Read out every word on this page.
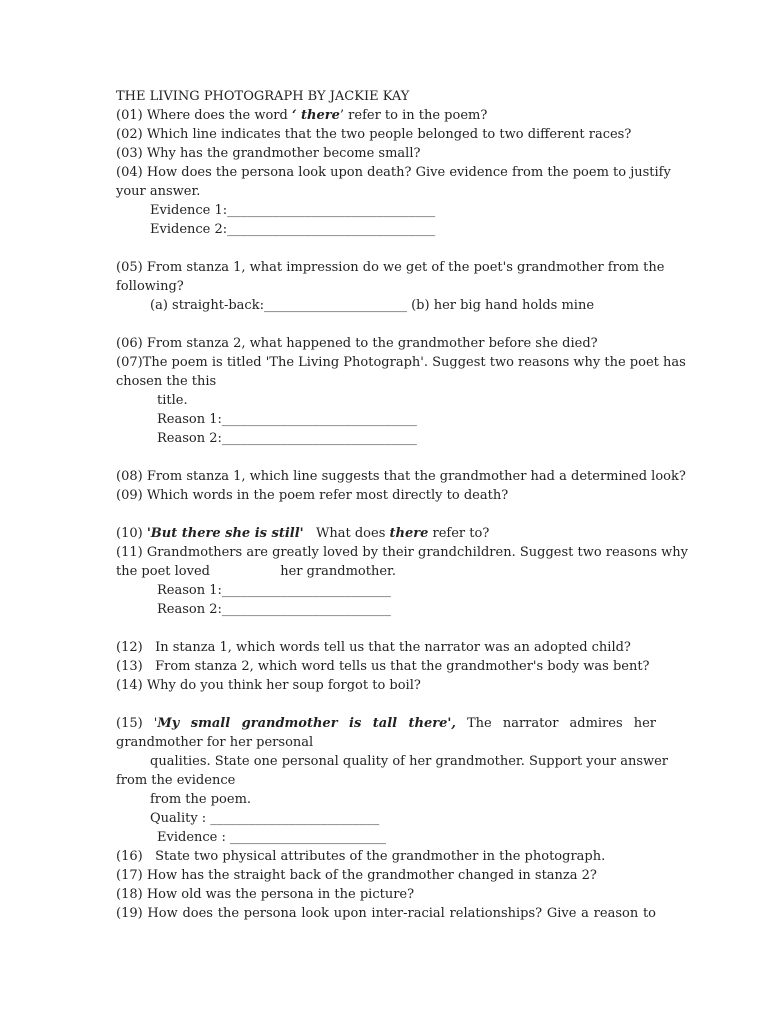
THE LIVING PHOTOGRAPH BY JACKIE KAY
(01) Where does the word ‘ there’ refer to in the poem?
(02) Which line indicates that the two people belonged to two different races?
(03) Why has the grandmother become small?
(04) How does the persona look upon death? Give evidence from the poem to justify
your answer.
Evidence 1:________________________________
Evidence 2:________________________________
(05) From stanza 1, what impression do we get of the poet's grandmother from the
following?
(a) straight-back:______________________ (b) her big hand holds mine
(06) From stanza 2, what happened to the grandmother before she died?
(07)The poem is titled 'The Living Photograph'. Suggest two reasons why the poet has
chosen the this
title.
Reason 1:______________________________
Reason 2:______________________________
(08) From stanza 1, which line suggests that the grandmother had a determined look?
(09) Which words in the poem refer most directly to death?
(10) 'But there she is still'   What does there refer to?
(11) Grandmothers are greatly loved by their grandchildren. Suggest two reasons why
the poet loved                 her grandmother.
Reason 1:__________________________
Reason 2:__________________________
(12)   In stanza 1, which words tell us that the narrator was an adopted child?
(13)   From stanza 2, which word tells us that the grandmother's body was bent?
(14) Why do you think her soup forgot to boil?
(15) 'My small grandmother is tall there', The narrator admires her
grandmother for her personal
qualities. State one personal quality of her grandmother. Support your answer
from the evidence
from the poem.
Quality : __________________________
Evidence : ________________________
(16)   State two physical attributes of the grandmother in the photograph.
(17) How has the straight back of the grandmother changed in stanza 2?
(18) How old was the persona in the picture?
(19) How does the persona look upon inter-racial relationships? Give a reason to
